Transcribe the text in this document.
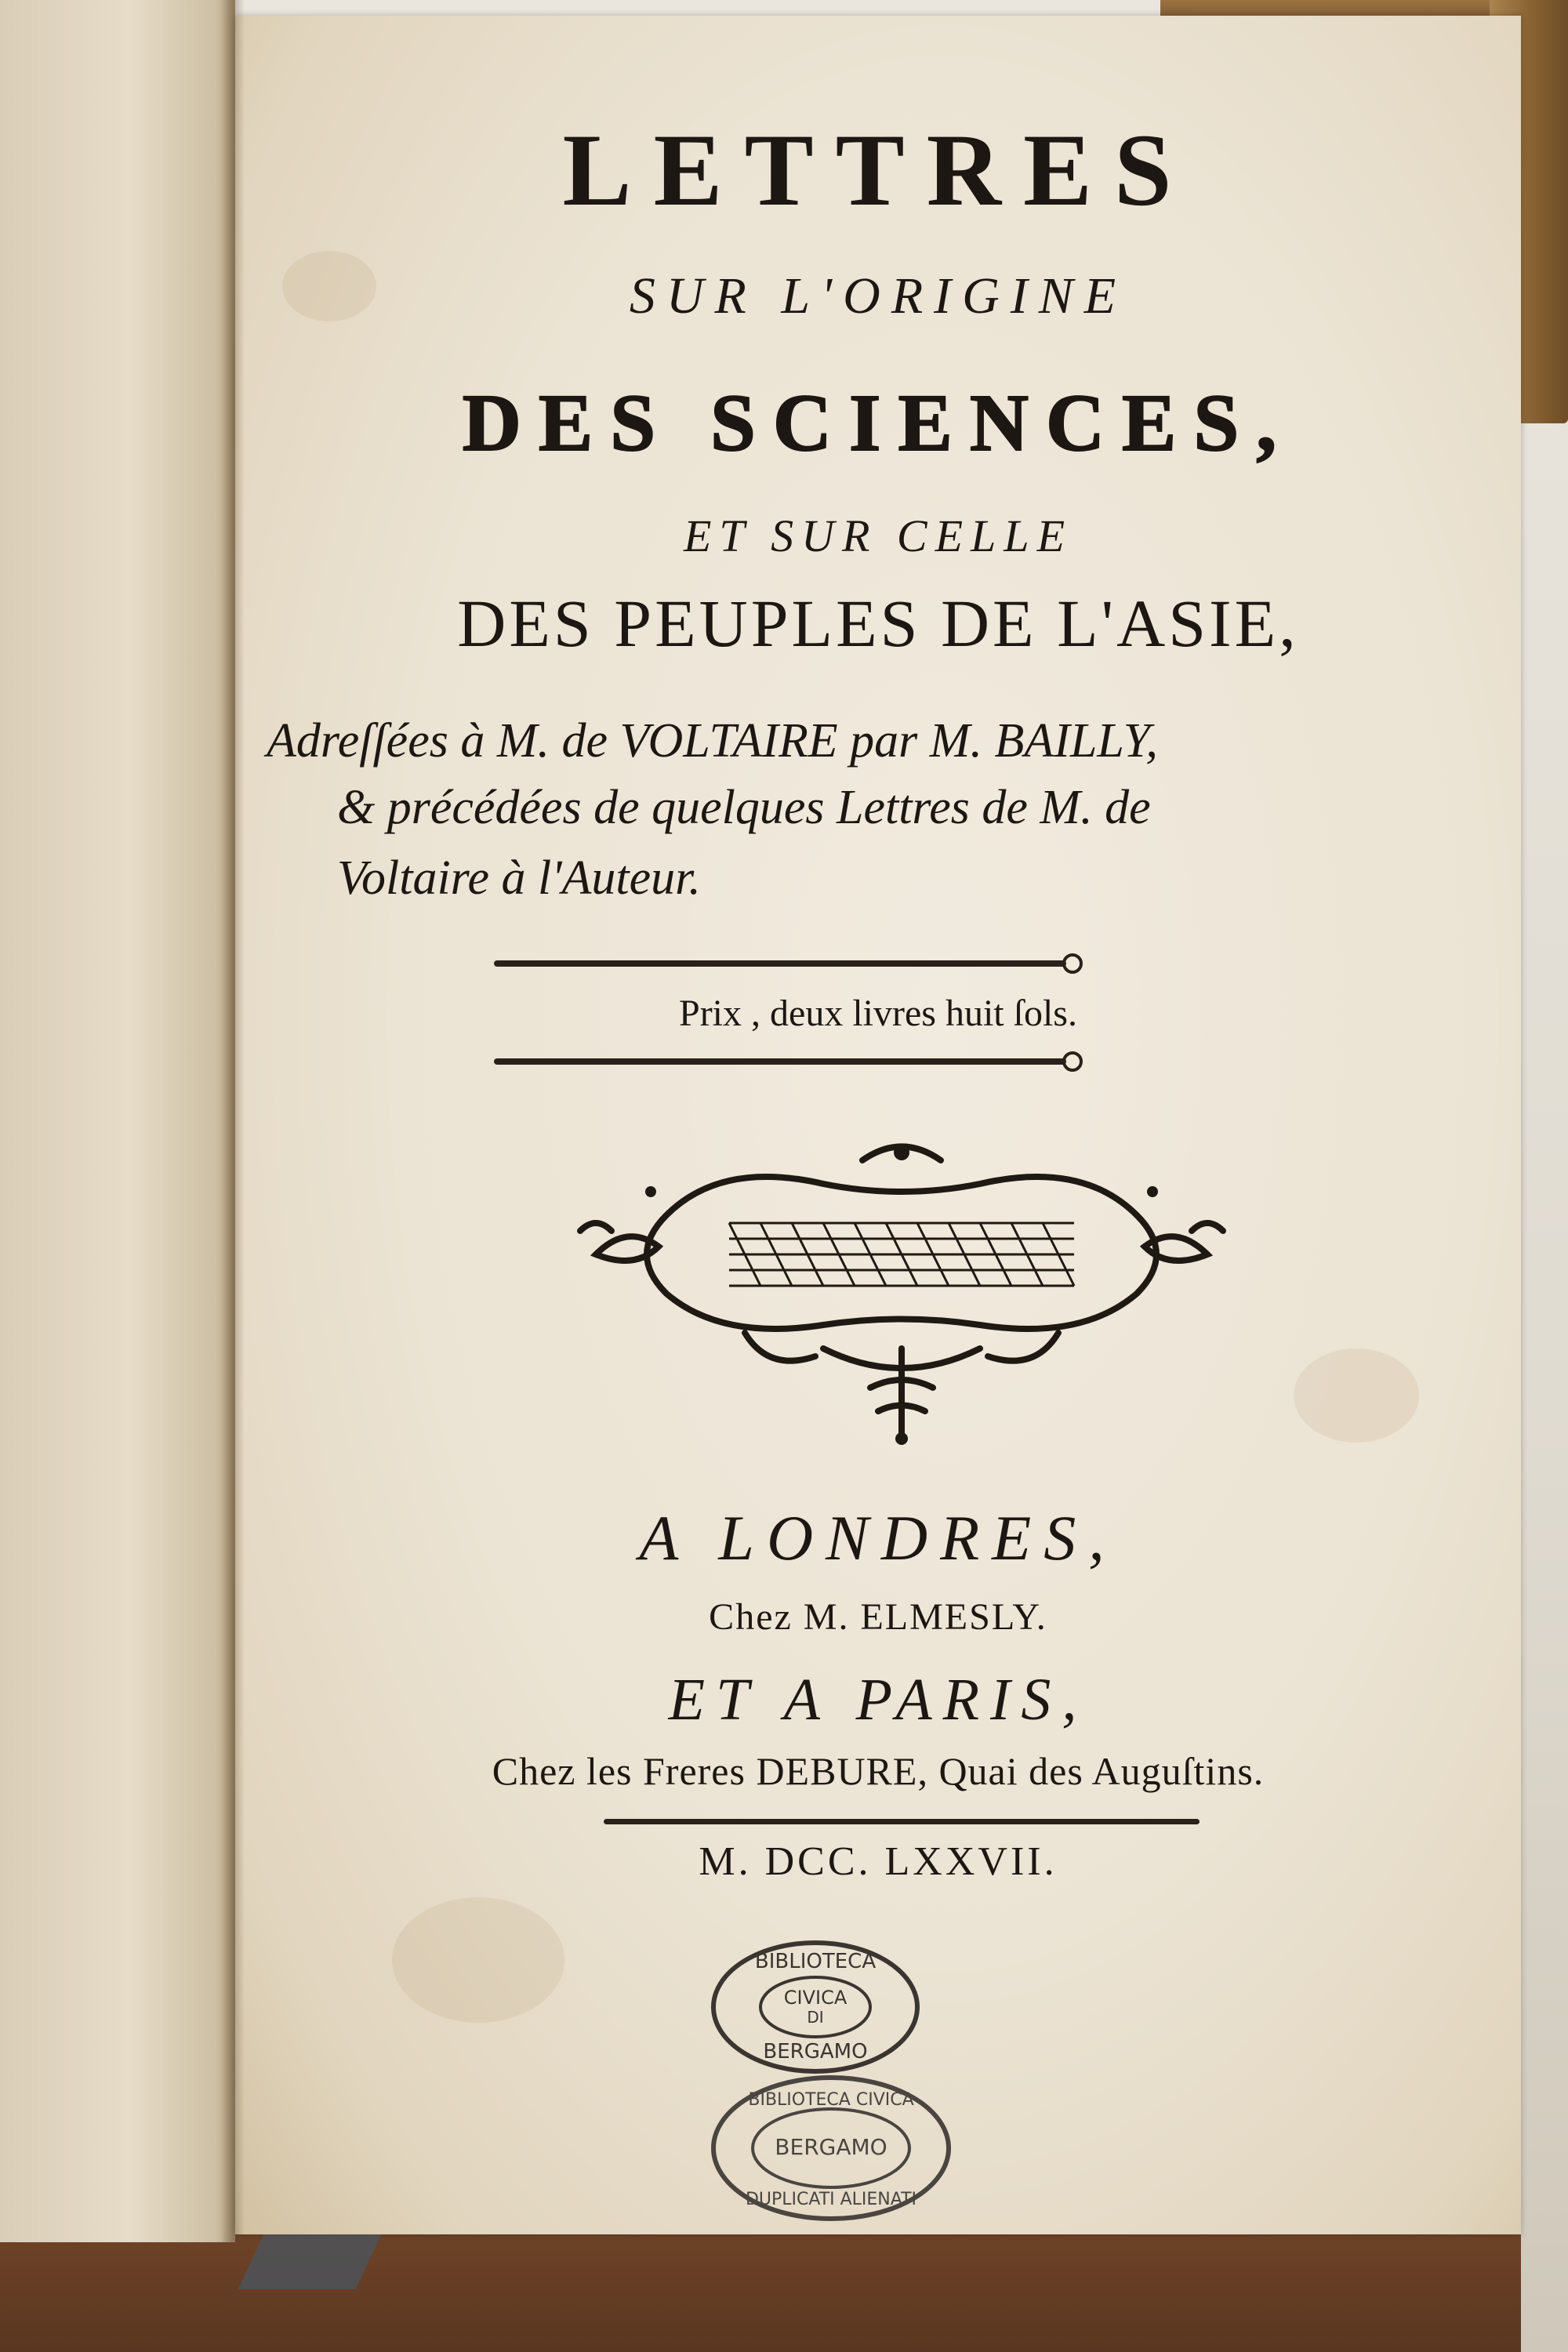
LETTRES
SUR L'ORIGINE
DES SCIENCES,
ET SUR CELLE
DES PEUPLES DE L'ASIE,
Adreſſées à M. de VOLTAIRE par M. BAILLY,
& précédées de quelques Lettres de M. de
Voltaire à l'Auteur.
Prix , deux livres huit ſols.
A LONDRES,
Chez M. ELMESLY.
ET A PARIS,
Chez les Freres DEBURE, Quai des Auguſtins.
M. DCC. LXXVII.
BIBLIOTECA
CIVICA
DI
BERGAMO
BIBLIOTECA CIVICA
BERGAMO
DUPLICATI ALIENATI
